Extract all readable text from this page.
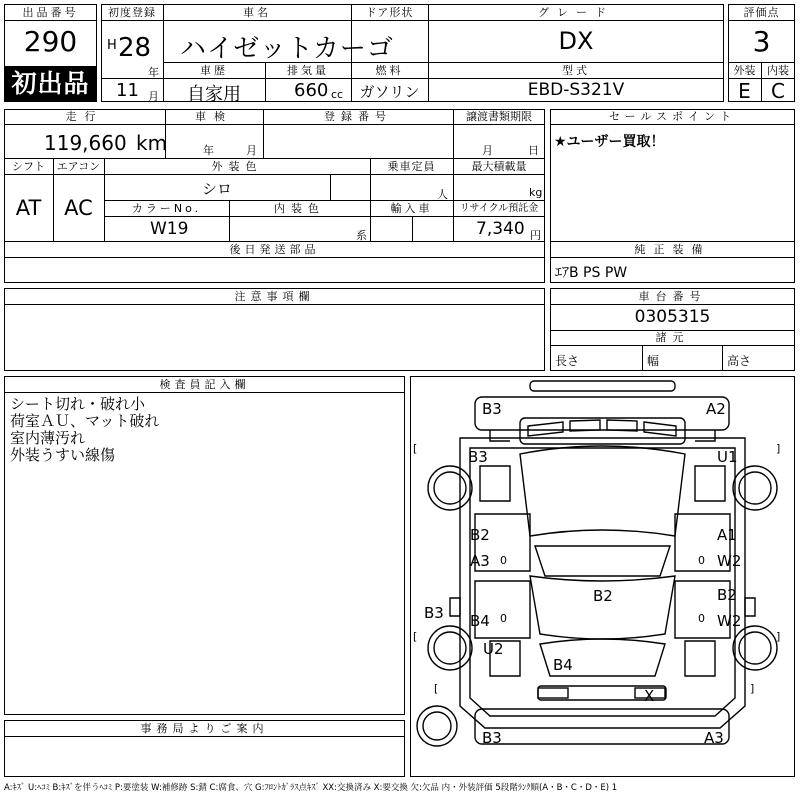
出品番号
290
初出品
初度登録
H 28
年
11 月
車名
ハイゼットカーゴ
ドア形状	グレード
DX
車歴
自家用
排気量
660 cc
燃料
ガソリン
型式
EBD-S321V
評価点
3
外装	内装
E	C
走行
119,660 km
車検
年	月
登録番号	譲渡書類期限
月	日
シフト
AT
エアコン
AC
外装色
シロ
乗車定員
人
最大積載量
kg
カラーNo.
W19
内装色
系
輸入車	リサイクル預託金
7,340 円
後日発送部品
セールスポイント
★ユーザー買取！
純正装備
ｴｱB PS PW
注意事項欄	車台番号
0305315
諸元
長さ	幅	高さ
検査員記入欄
シート切れ・破れ小
荷室ＡＵ、マット破れ
室内薄汚れ
外装うすい線傷
事務局よりご案内
B3	A2
B3	U1
B2
A3
A1
W2
B2	B2
B3 B4	W2
U2
B4
X
B3	A3
0	0
0	0
[	]
[	]
[	]
A:ｷｽﾞ U:ﾍｺﾐ B:ｷｽﾞを伴うﾍｺﾐ P:要塗装 W:補修跡 S:錆 C:腐食、穴 G:ﾌﾛﾝﾄｶﾞﾗｽ点ｷｽﾞ XX:交換済み X:要交換 欠:欠品 内・外装評価 5段階ﾗﾝｸ順(A・B・C・D・E) 1
